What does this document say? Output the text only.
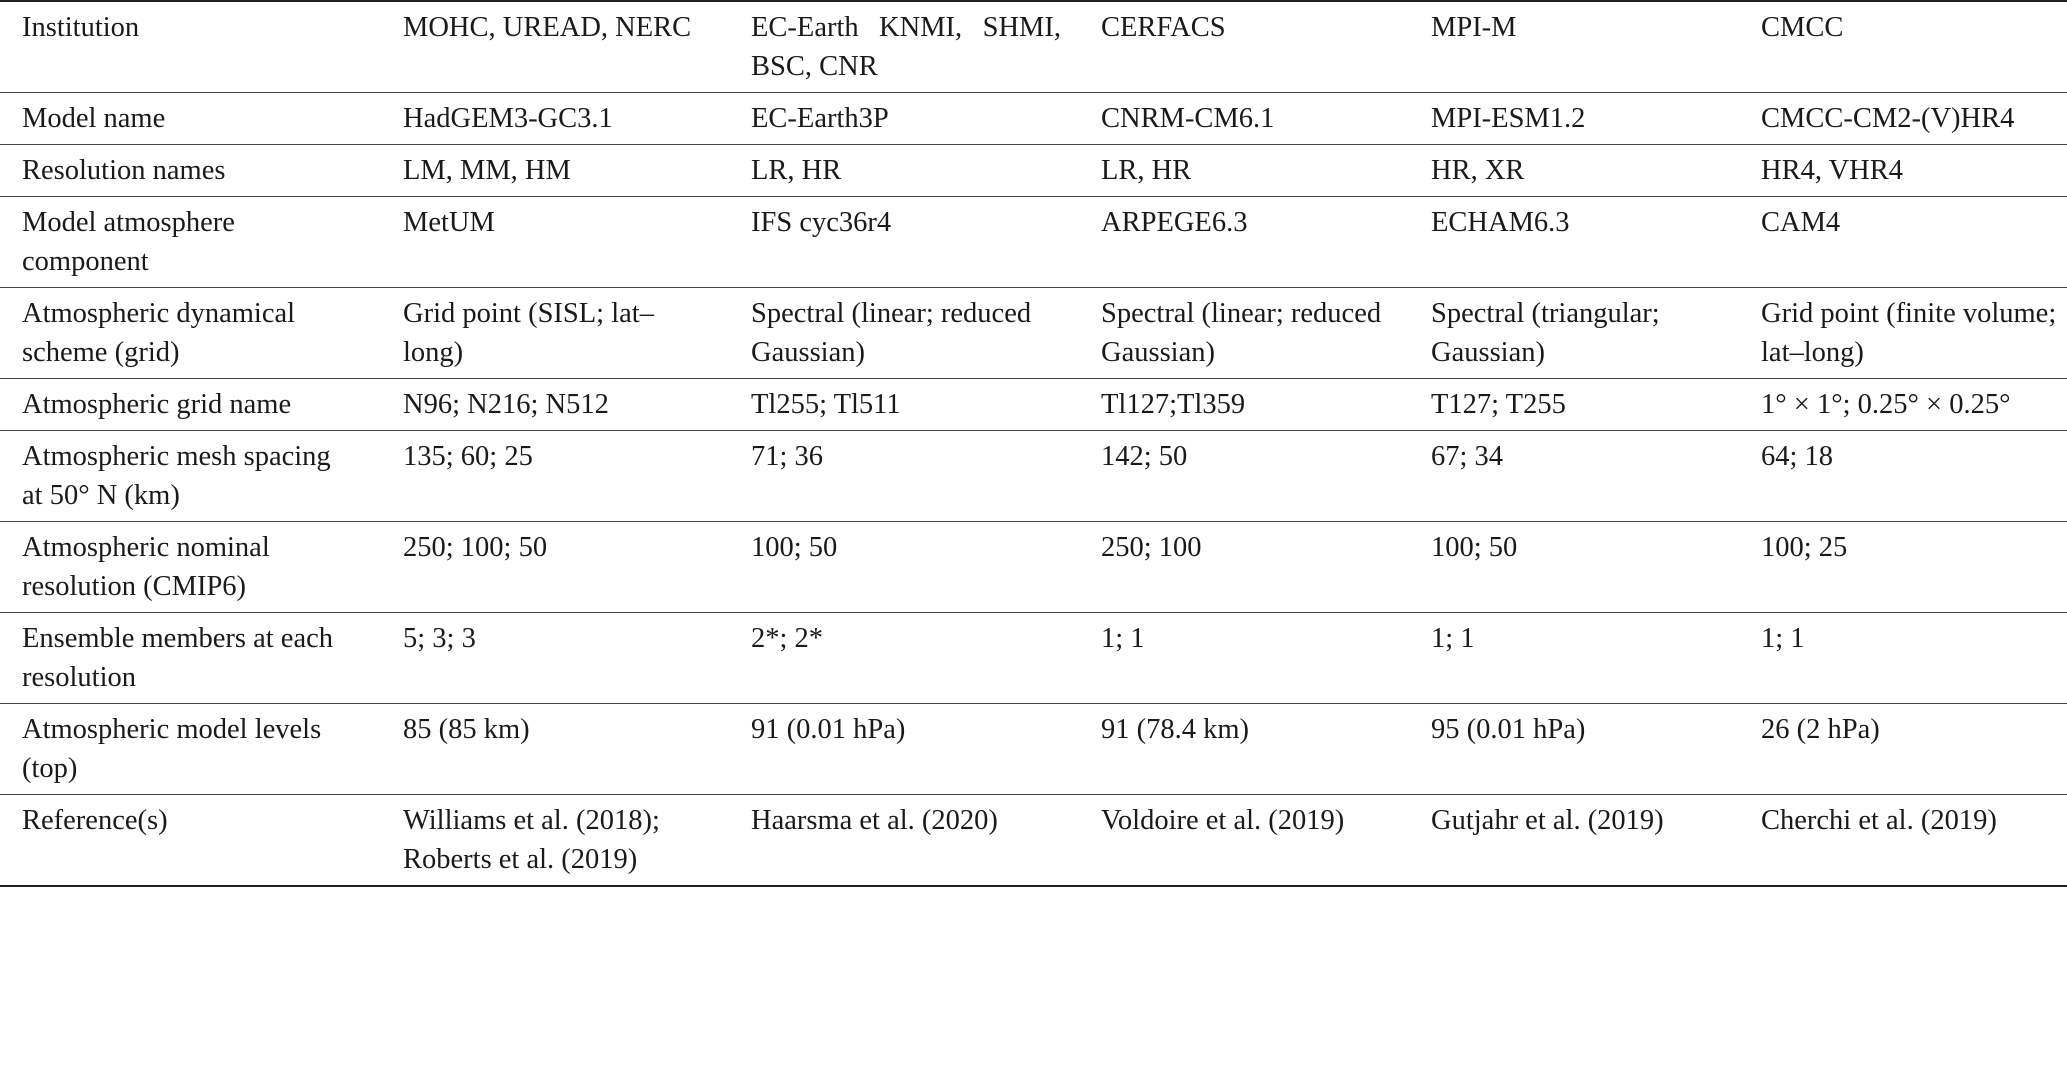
Institution	MOHC, UREAD, NERC	EC-Earth KNMI, SHMI, BSC, CNR	CERFACS	MPI-M	CMCC
Model name	HadGEM3-GC3.1	EC-Earth3P	CNRM-CM6.1	MPI-ESM1.2	CMCC-CM2-(V)HR4
Resolution names	LM, MM, HM	LR, HR	LR, HR	HR, XR	HR4, VHR4
Model atmosphere component	MetUM	IFS cyc36r4	ARPEGE6.3	ECHAM6.3	CAM4
Atmospheric dynamical scheme (grid)	Grid point (SISL; lat–long)	Spectral (linear; reduced Gaussian)	Spectral (linear; reduced Gaussian)	Spectral (triangular; Gaussian)	Grid point (finite volume; lat–long)
Atmospheric grid name	N96; N216; N512	Tl255; Tl511	Tl127;Tl359	T127; T255	1° × 1°; 0.25° × 0.25°
Atmospheric mesh spacing at 50° N (km)	135; 60; 25	71; 36	142; 50	67; 34	64; 18
Atmospheric nominal resolution (CMIP6)	250; 100; 50	100; 50	250; 100	100; 50	100; 25
Ensemble members at each resolution	5; 3; 3	2*; 2*	1; 1	1; 1	1; 1
Atmospheric model levels (top)	85 (85 km)	91 (0.01 hPa)	91 (78.4 km)	95 (0.01 hPa)	26 (2 hPa)
Reference(s)	Williams et al. (2018); Roberts et al. (2019)	Haarsma et al. (2020)	Voldoire et al. (2019)	Gutjahr et al. (2019)	Cherchi et al. (2019)
